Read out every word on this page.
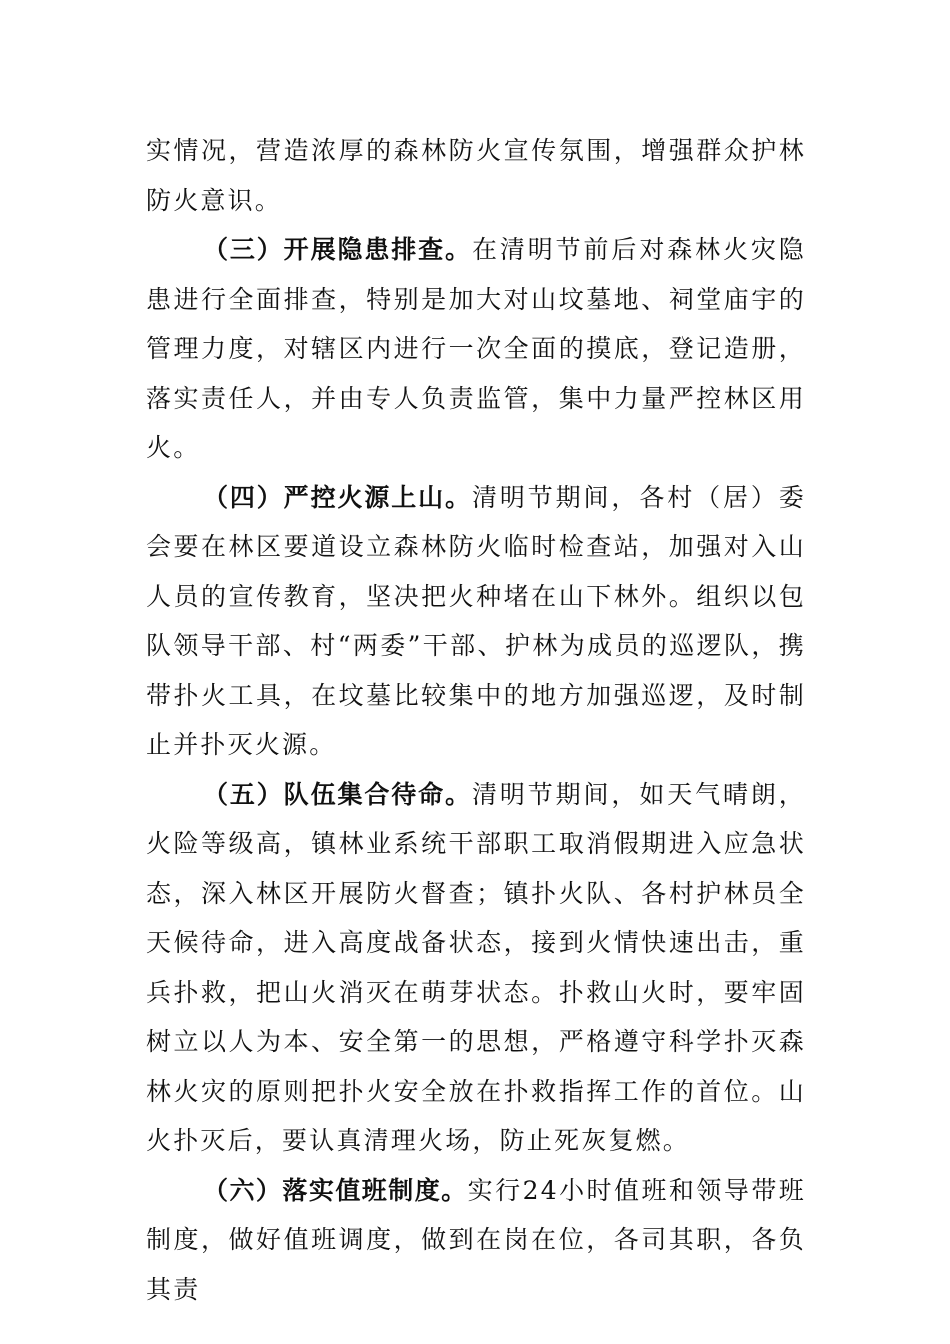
实情况，营造浓厚的森林防火宣传氛围，增强群众护林防火意识。

（三）开展隐患排查。在清明节前后对森林火灾隐患进行全面排查，特别是加大对山坟墓地、祠堂庙宇的管理力度，对辖区内进行一次全面的摸底，登记造册，落实责任人，并由专人负责监管，集中力量严控林区用火。

（四）严控火源上山。清明节期间，各村（居）委会要在林区要道设立森林防火临时检查站，加强对入山人员的宣传教育，坚决把火种堵在山下林外。组织以包队领导干部、村“两委”干部、护林为成员的巡逻队，携带扑火工具，在坟墓比较集中的地方加强巡逻，及时制止并扑灭火源。

（五）队伍集合待命。清明节期间，如天气晴朗，火险等级高，镇林业系统干部职工取消假期进入应急状态，深入林区开展防火督查；镇扑火队、各村护林员全天候待命，进入高度战备状态，接到火情快速出击，重兵扑救，把山火消灭在萌芽状态。扑救山火时，要牢固树立以人为本、安全第一的思想，严格遵守科学扑灭森林火灾的原则把扑火安全放在扑救指挥工作的首位。山火扑灭后，要认真清理火场，防止死灰复燃。

（六）落实值班制度。实行24小时值班和领导带班制度，做好值班调度，做到在岗在位，各司其职，各负其责
